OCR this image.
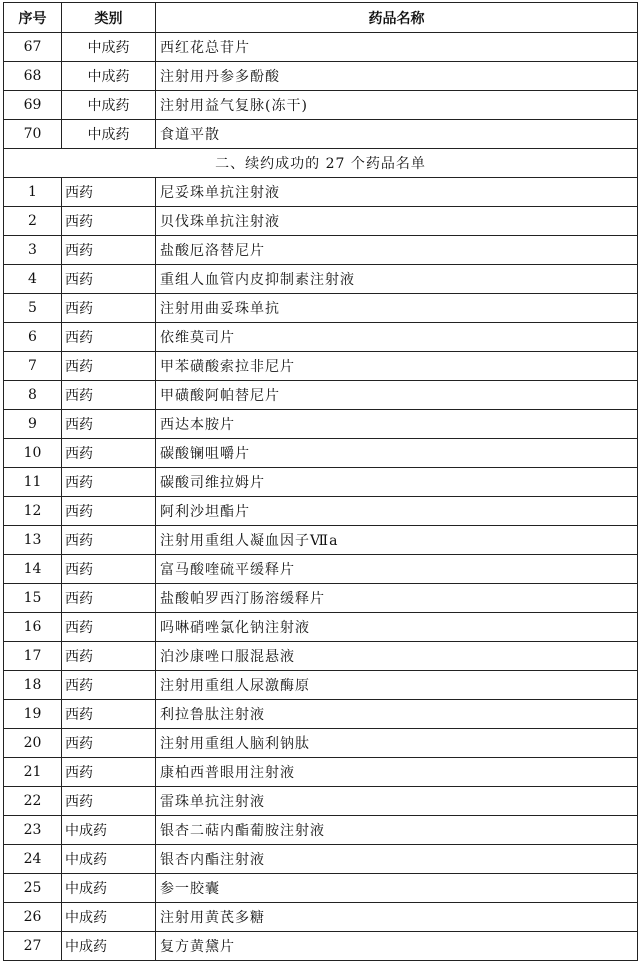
序号	类别	药品名称
67	中成药	西红花总苷片
68	中成药	注射用丹参多酚酸
69	中成药	注射用益气复脉(冻干)
70	中成药	食道平散
二、续约成功的 27 个药品名单		
1	西药	尼妥珠单抗注射液
2	西药	贝伐珠单抗注射液
3	西药	盐酸厄洛替尼片
4	西药	重组人血管内皮抑制素注射液
5	西药	注射用曲妥珠单抗
6	西药	依维莫司片
7	西药	甲苯磺酸索拉非尼片
8	西药	甲磺酸阿帕替尼片
9	西药	西达本胺片
10	西药	碳酸镧咀嚼片
11	西药	碳酸司维拉姆片
12	西药	阿利沙坦酯片
13	西药	注射用重组人凝血因子Ⅶa
14	西药	富马酸喹硫平缓释片
15	西药	盐酸帕罗西汀肠溶缓释片
16	西药	吗啉硝唑氯化钠注射液
17	西药	泊沙康唑口服混悬液
18	西药	注射用重组人尿激酶原
19	西药	利拉鲁肽注射液
20	西药	注射用重组人脑利钠肽
21	西药	康柏西普眼用注射液
22	西药	雷珠单抗注射液
23	中成药	银杏二萜内酯葡胺注射液
24	中成药	银杏内酯注射液
25	中成药	参一胶囊
26	中成药	注射用黄芪多糖
27	中成药	复方黄黛片
